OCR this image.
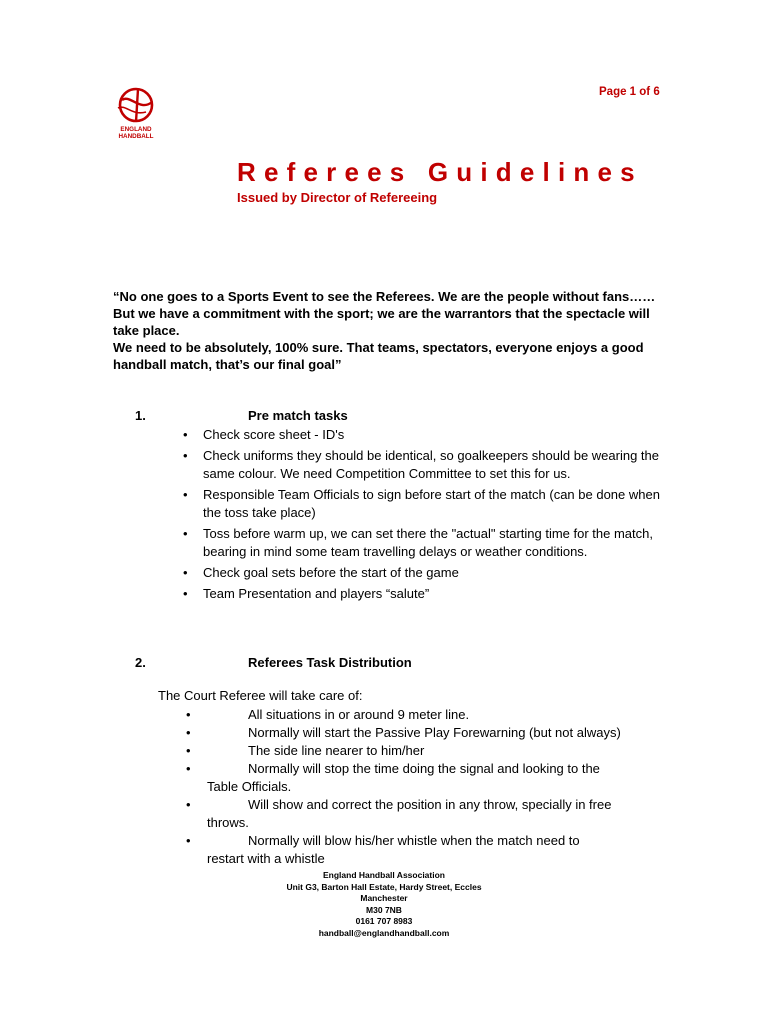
ENGLAND
HANDBALL
Page 1 of 6
Referees Guidelines
Issued by Director of Refereeing

“No one goes to a Sports Event to see the Referees. We are the people without fans……

But we have a commitment with the sport; we are the warrantors that the spectacle will take place.

We need to be absolutely, 100% sure. That teams, spectators, everyone enjoys a good handball match, that’s our final goal”

1.	Pre match tasks
• Check score sheet - ID's
• Check uniforms they should be identical, so goalkeepers should be wearing the same colour. We need Competition Committee to set this for us.
• Responsible Team Officials to sign before start of the match (can be done when the toss take place)
• Toss before warm up, we can set there the "actual" starting time for the match, bearing in mind some team travelling delays or weather conditions.
• Check goal sets before the start of the game
• Team Presentation and players “salute”
2.	Referees Task Distribution
The Court Referee will take care of:
•	All situations in or around 9 meter line.
•	Normally will start the Passive Play Forewarning (but not always)
•	The side line nearer to him/her
•	Normally will stop the time doing the signal and looking to the
Table Officials.
•	Will show and correct the position in any throw, specially in free
throws.
•	Normally will blow his/her whistle when the match need to
restart with a whistle
England Handball Association
Unit G3, Barton Hall Estate, Hardy Street, Eccles
Manchester
M30 7NB
0161 707 8983
handball@englandhandball.com
